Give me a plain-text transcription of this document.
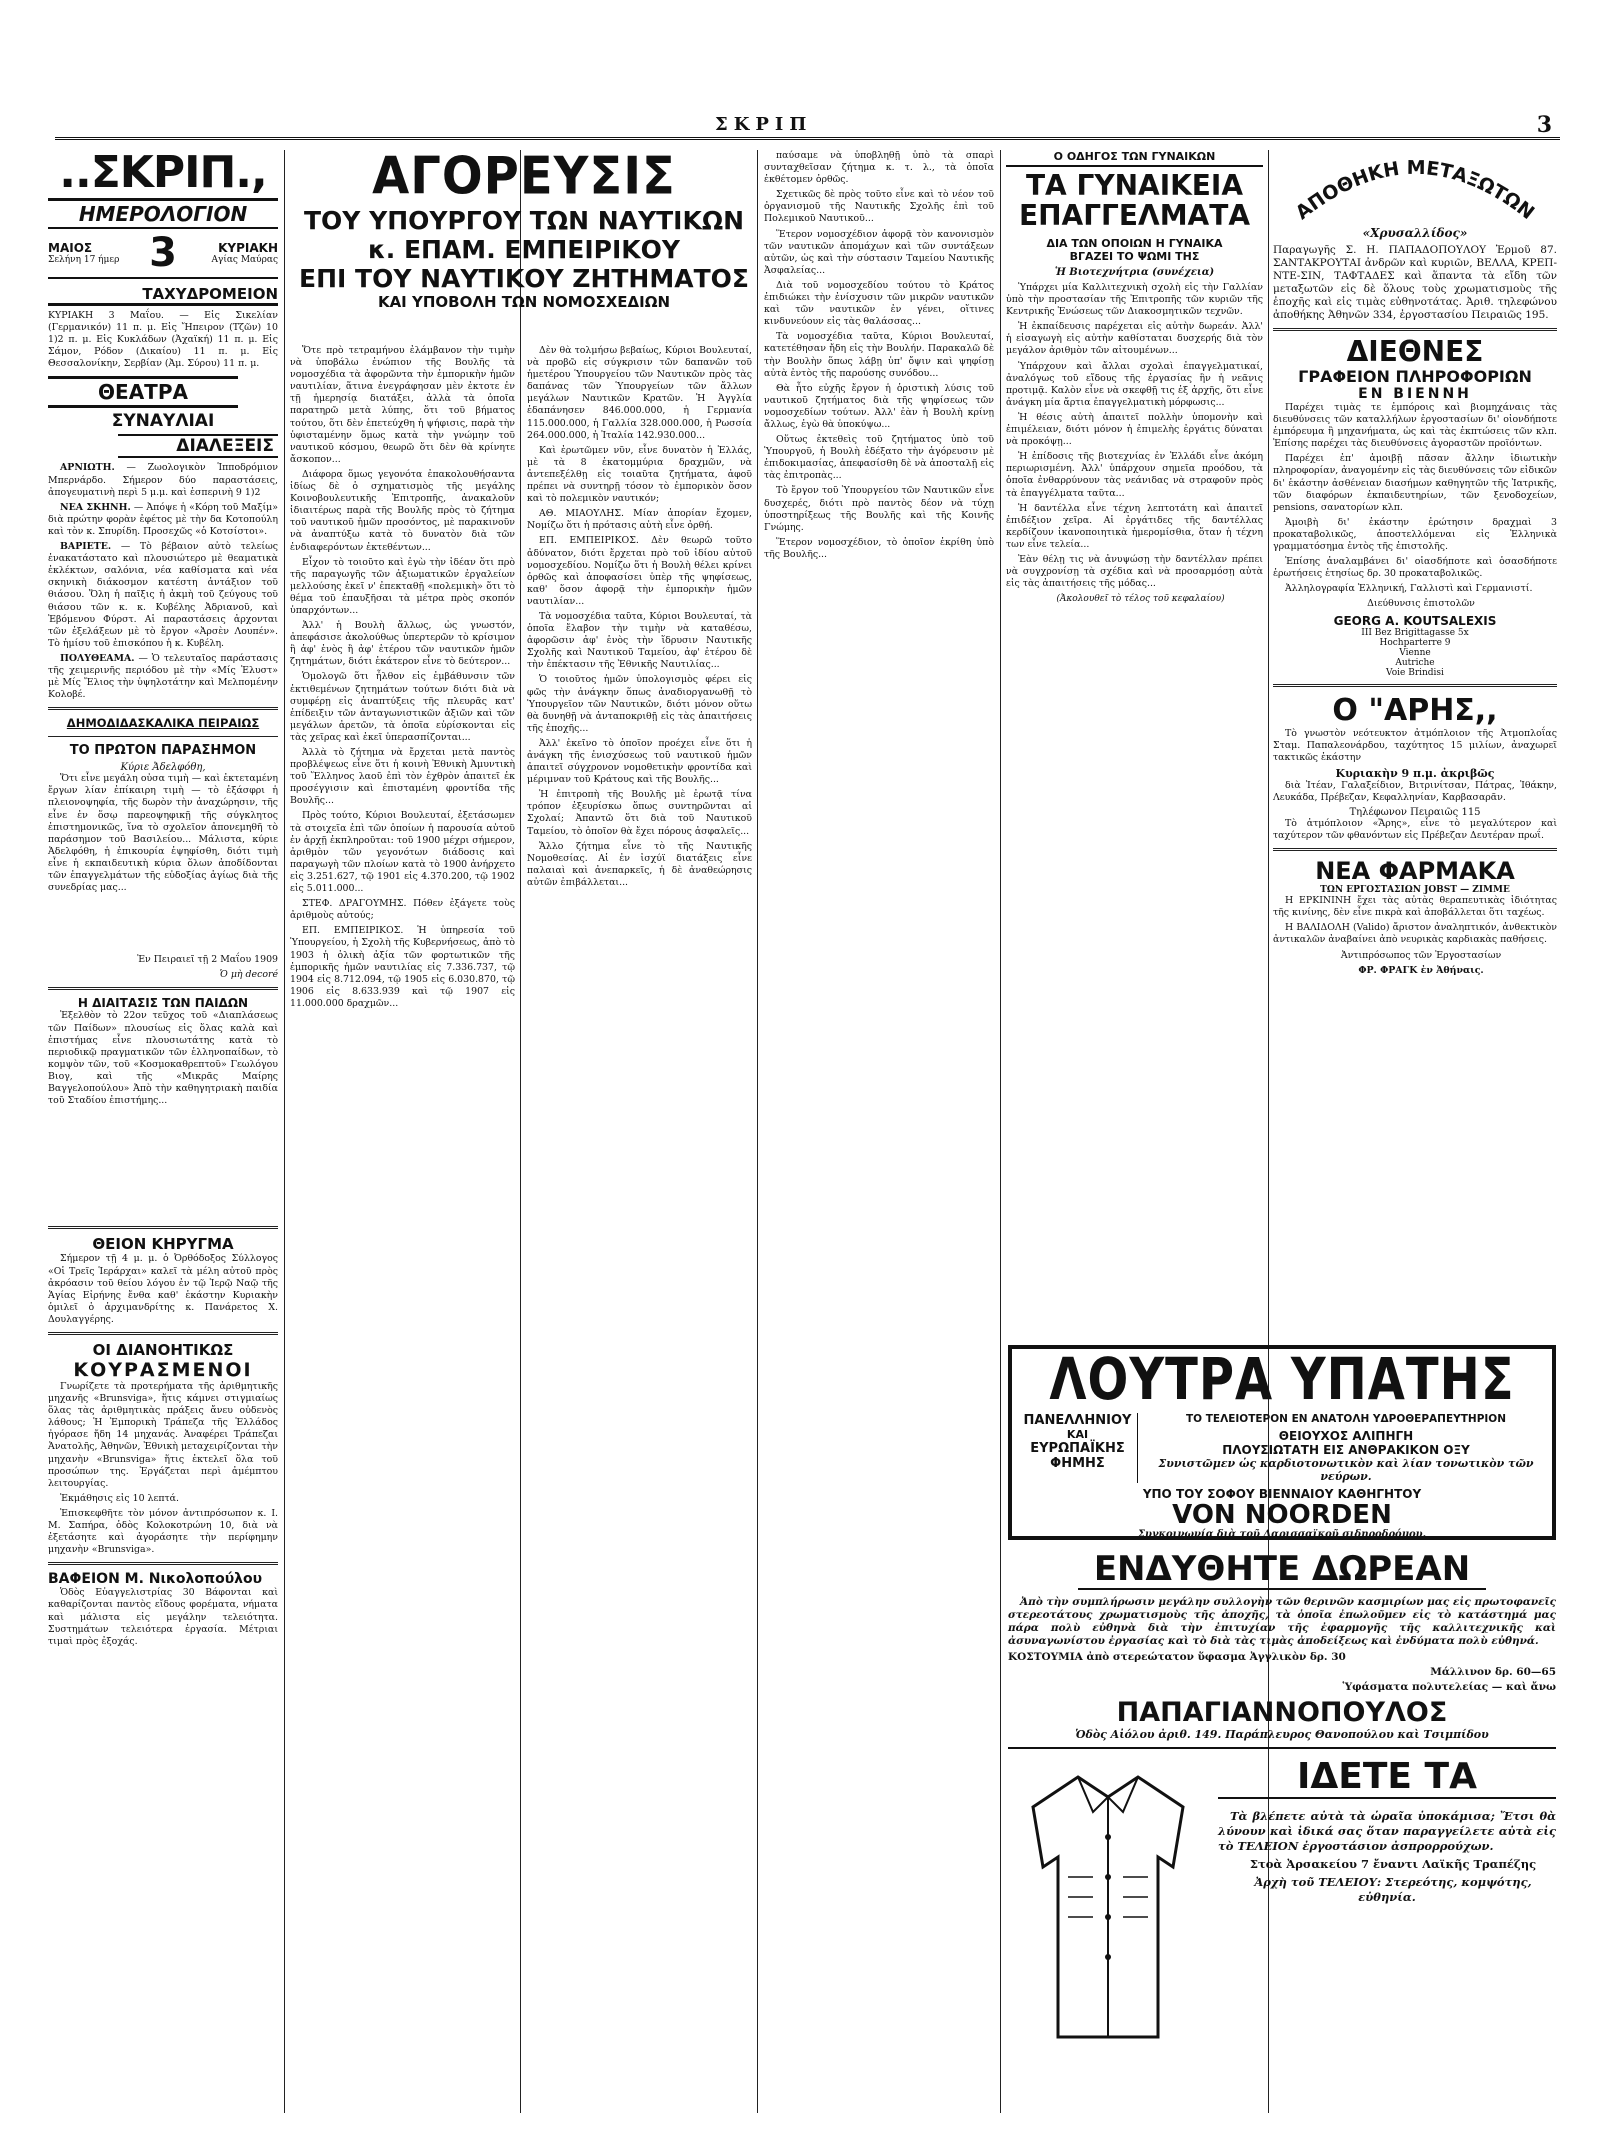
ΣΚΡΙΠ	3
..ΣΚΡΙΠ.,
ΗΜΕΡΟΛΟΓΙΟΝ
ΜΑΙΟΣ
Σελήνη 17 ήμερ 3	ΚΥΡΙΑΚΗ
Αγίας Μαύρας
ΤΑΧΥΔΡΟΜΕΙΟΝ
ΚΥΡΙΑΚΗ 3 Μαΐου. — Εἰς Σικελίαν (Γερμανικόν) 11 π. μ. Εἰς Ἤπειρον (Τζῶν) 10 1)2 π. μ. Εἰς Κυκλάδων (Ἀχαϊκή) 11 π. μ. Εἰς Σάμον, Ρόδον (Δικαίου) 11 π. μ. Εἰς Θεσσαλονίκην, Σερβίαν (Ἀμ. Σύρου) 11 π. μ.
ΘΕΑΤΡΑ
ΣΥΝΑΥΛΙΑΙ
ΔΙΑΛΕΞΕΙΣ
ΑΡΝΙΩΤΗ. — Ζωολογικὸν Ἱπποδρόμιον Μπερνάρδο. Σήμερον δύο παραστάσεις, ἀπογευματινὴ περὶ 5 μ.μ. καὶ ἑσπερινὴ 9 1)2
ΝΕΑ ΣΚΗΝΗ. — Ἀπόψε ἡ «Κόρη τοῦ Μαξίμ» διὰ πρώτην φορὰν ἐφέτος μὲ τὴν δα Κοτοπούλη καὶ τὸν κ. Σπυρίδη. Προσεχῶς «ὁ Κοτσίστοι».
ΒΑΡΙΕΤΕ. — Τὸ βέβαιον αὐτὸ τελείως ἐνακατάστατο καὶ πλουσιώτερο μὲ θεαματικὰ ἐκλέκτων, σαλόνια, νέα καθίσματα καὶ νέα σκηνικὴ διάκοσμον κατέστη ἀντάξιον τοῦ θιάσου. Ὅλη ἡ παῖξις ἡ ἀκμὴ τοῦ ζεύγους τοῦ θιάσου τῶν κ. κ. Κυβέλης Ἀδριανοῦ, καὶ Ἐβόμενου Φύρστ. Αἱ παραστάσεις ἀρχονται τῶν ἐξελάξεων μὲ τὸ ἔργον «Ἀρσὲν Λουπέν». Τὸ ἡμίσυ τοῦ ἐπισκόπου ἡ κ. Κυβέλη.
ΠΟΛΥΘΕΑΜΑ. — Ὁ τελευταῖος παράστασις τῆς χειμερινῆς περιόδου μὲ τὴν «Μίς Ἐλυστ» μὲ Μίς Ἔλιος τὴν ὑψηλοτάτην καὶ Μελπομένην Κολοβέ.
ΔΗΜΟΔΙΔΑΣΚΑΛΙΚΑ ΠΕΙΡΑΙΩΣ
ΤΟ ΠΡΩΤΟΝ ΠΑΡΑΣΗΜΟΝ
Κύριε Ἀδελφόθη,
Ὅτι εἶνε μεγάλη οὐσα τιμὴ — καὶ ἐκτεταμένη ἔργων λίαν ἐπίκαιρη τιμὴ — τὸ ἐξάσφρι ἡ πλειονοψηφία, τῆς δωρὸν τὴν ἀναχώρησιν, τῆς εἶνε ἐν ὅσῳ παρεοψηφικῇ τῆς σύγκλητος ἐπιστημονικῶς, ἵνα τὸ σχολεῖον ἀπονεμηθῆ τὸ παράσημον τοῦ Βασιλείου... Μάλιστα, κύριε Ἀδελφόθη, ἡ ἐπικουρία ἐψηφίσθη, διότι τιμὴ εἶνε ἡ εκπαιδευτικὴ κύρια ὅλων ἀποδίδονται τῶν ἐπαγγελμάτων τῆς εὐδοξίας ἁγίως διὰ τῆς συνεδρίας μας...
Ἐν Πειραιεῖ τῇ 2 Μαΐου 1909
Ὁ μὴ decoré
Η ΔΙΑΙΤΑΣΙΣ ΤΩΝ ΠΑΙΔΩΝ
Ἐξελθὸν τὸ 22ον τεῦχος τοῦ «Διαπλάσεως τῶν Παίδων» πλουσίως εἰς ὅλας καλὰ καὶ ἐπιστήμας εἶνε πλουσιωτάτης κατὰ τὸ περιοδικῷ πραγματικῶν τῶν ἑλληνοπαίδων, τὸ κομψὸν τῶν, τοῦ «Κοσμοκαθρεπτοῦ» Γεωλόγου Βιογ, καὶ τῆς «Μικρᾶς Μαίρης Βαγγελοπούλου» Ἀπὸ τὴν καθηγητριακὴ παιδία τοῦ Σταδίου ἐπιστήμης...
ΘΕΙΟΝ ΚΗΡΥΓΜΑ
Σήμερον τῇ 4 μ. μ. ὁ Ὀρθόδοξος Σύλλογος «Οἱ Τρεῖς Ἱεράρχαι» καλεῖ τὰ μέλη αὐτοῦ πρὸς ἀκρόασιν τοῦ θείου λόγου ἐν τῷ Ἱερῷ Ναῷ τῆς Ἁγίας Εἰρήνης ἔνθα καθ' ἑκάστην Κυριακὴν ὁμιλεῖ ὁ ἀρχιμανδρίτης κ. Πανάρετος Χ. Δουλαγγέρης.
ΟΙ ΔΙΑΝΟΗΤΙΚΩΣ
ΚΟΥΡΑΣΜΕΝΟΙ
Γνωρίζετε τὰ προτερήματα τῆς ἀριθμητικῆς μηχανῆς «Brunsviga», ἥτις κάμνει στιγμιαίως ὅλας τὰς ἀριθμητικὰς πράξεις ἄνευ οὐδενὸς λάθους; Ἡ Ἐμπορικὴ Τράπεζα τῆς Ἑλλάδος ἠγόρασε ἤδη 14 μηχανάς. Ἀναφέρει Τράπεζαι Ἀνατολῆς, Ἀθηνῶν, Ἐθνικὴ μεταχειρίζονται τὴν μηχανὴν «Brunsviga» ἥτις ἐκτελεῖ ὅλα τοῦ προσώπων της. Ἐργάζεται περὶ ἀμέμπτου λειτουργίας.
Ἐκμάθησις εἰς 10 λεπτά.
Ἐπισκεφθῆτε τὸν μόνον ἀντιπρόσωπον κ. Ι. Μ. Σαπήρα, ὁδὸς Κολοκοτρώνη 10, διὰ νὰ ἐξετάσητε καὶ ἀγοράσητε τὴν περίφημην μηχανὴν «Brunsviga».
ΒΑΦΕΙΟΝ Μ. Νικολοπούλου
Ὁδὸς Εὐαγγελιστρίας 30 Βάφονται καὶ καθαρίζονται παντὸς εἴδους φορέματα, νήματα καὶ μάλιστα εἰς μεγάλην τελειότητα. Συστημάτων τελειότερα ἐργασία. Μέτριαι τιμαὶ πρὸς ἐξοχάς.
ΑΓΟΡΕΥΣΙΣ
ΤΟΥ ΥΠΟΥΡΓΟΥ ΤΩΝ ΝΑΥΤΙΚΩΝ
κ. ΕΠΑΜ. ΕΜΠΕΙΡΙΚΟΥ
ΕΠΙ ΤΟΥ ΝΑΥΤΙΚΟΥ ΖΗΤΗΜΑΤΟΣ
ΚΑΙ ΥΠΟΒΟΛΗ ΤΩΝ ΝΟΜΟΣΧΕΔΙΩΝ
Ὅτε πρὸ τετραμήνου ἐλάμβανον τὴν τιμὴν νὰ ὑποβάλω ἐνώπιον τῆς Βουλῆς τὰ νομοσχέδια τὰ ἀφορῶντα τὴν ἐμπορικὴν ἡμῶν ναυτιλίαν, ἅτινα ἐνεγράφησαν μὲν ἐκτοτε ἐν τῇ ἡμερησίᾳ διατάξει, ἀλλὰ τὰ ὁποῖα παρατηρῶ μετὰ λύπης, ὅτι τοῦ βήματος τούτου, ὅτι δὲν ἐπετεύχθη ἡ ψήφισις, παρὰ τὴν ὑφισταμένην ὅμως κατὰ τὴν γνώμην τοῦ ναυτικοῦ κόσμου, θεωρῶ ὅτι δὲν θὰ κρίνητε ἄσκοπον...
Διάφορα ὅμως γεγονότα ἐπακολουθήσαντα ἰδίως δὲ ὁ σχηματισμὸς τῆς μεγάλης Κοινοβουλευτικῆς Ἐπιτροπῆς, ἀνακαλοῦν ἰδιαιτέρως παρὰ τῆς Βουλῆς πρὸς τὸ ζήτημα τοῦ ναυτικοῦ ἡμῶν προσόντος, μὲ παρακινοῦν νὰ ἀναπτύξω κατὰ τὸ δυνατὸν διὰ τῶν ἐνδιαφερόντων ἐκτεθέντων...
Εἶχον τὸ τοιοῦτο καὶ ἐγὼ τὴν ἰδέαν ὅτι πρὸ τῆς παραγωγῆς τῶν ἀξιωματικῶν ἐργαλείων μελλούσης ἐκεῖ ν' ἐπεκταθῇ «πολεμικὴ» ὅτι τὸ θέμα τοῦ ἐπαυξῆσαι τὰ μέτρα πρὸς σκοπόν ὑπαρχόντων...
Ἀλλ' ἡ Βουλὴ ἄλλως, ὡς γνωστόν, ἀπεφάσισε ἀκολούθως ὑπερτερῶν τὸ κρίσιμον ἢ ἀφ' ἑνὸς ἢ ἀφ' ἑτέρου τῶν ναυτικῶν ἡμῶν ζητημάτων, διότι ἑκάτερον εἶνε τὸ δεύτερον...
Ὁμολογῶ ὅτι ἦλθον εἰς ἐμβάθυνσιν τῶν ἐκτιθεμένων ζητημάτων τούτων διότι διὰ νὰ συμφέρῃ εἰς ἀναπτύξεις τῆς πλευρᾶς κατ' ἐπίδειξιν τῶν ἀνταγωνιστικῶν ἀξιῶν καὶ τῶν μεγάλων ἀρετῶν, τὰ ὁποῖα εὑρίσκονται εἰς τὰς χεῖρας καὶ ἐκεῖ ὑπερασπίζονται...
Ἀλλὰ τὸ ζήτημα νὰ ἔρχεται μετὰ παντὸς προβλέψεως εἶνε ὅτι ἡ κοινὴ Ἐθνικὴ Ἀμυντικὴ τοῦ Ἕλληνος λαοῦ ἐπὶ τὸν ἐχθρὸν ἀπαιτεῖ ἐκ προσέγγισιν καὶ ἐπισταμένη φροντίδα τῆς Βουλῆς...
Πρὸς τούτο, Κύριοι Βουλευταί, ἐξετάσωμεν τὰ στοιχεῖα ἐπὶ τῶν ὁποίων ἡ παρουσία αὐτοῦ ἐν ἀρχῇ ἐκπληροῦται: τοῦ 1900 μέχρι σήμερον, ἀριθμὸν τῶν γεγονότων διάδοσις καὶ παραγωγὴ τῶν πλοίων κατὰ τὸ 1900 ἀνήρχετο εἰς 3.251.627, τῷ 1901 εἰς 4.370.200, τῷ 1902 εἰς 5.011.000...
ΣΤΕΦ. ΔΡΑΓΟΥΜΗΣ. Πόθεν ἐξάγετε τοὺς ἀριθμοὺς αὐτούς;
ΕΠ. ΕΜΠΕΙΡΙΚΟΣ. Ἡ ὑπηρεσία τοῦ Ὑπουργείου, ἡ Σχολὴ τῆς Κυβερνήσεως, ἀπὸ τὸ 1903 ἡ ὁλικὴ ἀξία τῶν φορτωτικῶν τῆς ἐμπορικῆς ἡμῶν ναυτιλίας εἰς 7.336.737, τῷ 1904 εἰς 8.712.094, τῷ 1905 εἰς 6.030.870, τῷ 1906 εἰς 8.633.939 καὶ τῷ 1907 εἰς 11.000.000 δραχμῶν...
Δὲν θὰ τολμήσω βεβαίως, Κύριοι Βουλευταί, νὰ προβῶ εἰς σύγκρισιν τῶν δαπανῶν τοῦ ἡμετέρου Ὑπουργείου τῶν Ναυτικῶν πρὸς τὰς δαπάνας τῶν Ὑπουργείων τῶν ἄλλων μεγάλων Ναυτικῶν Κρατῶν. Ἡ Ἀγγλία ἐδαπάνησεν 846.000.000, ἡ Γερμανία 115.000.000, ἡ Γαλλία 328.000.000, ἡ Ρωσσία 264.000.000, ἡ Ἰταλία 142.930.000...
Καὶ ἐρωτῶμεν νῦν, εἶνε δυνατὸν ἡ Ἑλλάς, μὲ τὰ 8 ἑκατομμύρια δραχμῶν, νὰ ἀντεπεξέλθῃ εἰς τοιαῦτα ζητήματα, ἀφοῦ πρέπει νὰ συντηρῇ τόσον τὸ ἐμπορικὸν ὅσον καὶ τὸ πολεμικὸν ναυτικόν;
ΑΘ. ΜΙΑΟΥΛΗΣ. Μίαν ἀπορίαν ἔχομεν, Νομίζω ὅτι ἡ πρότασις αὐτὴ εἶνε ὀρθή.
ΕΠ. ΕΜΠΕΙΡΙΚΟΣ. Δὲν θεωρῶ τοῦτο ἀδύνατον, διότι ἔρχεται πρὸ τοῦ ἰδίου αὐτοῦ νομοσχεδίου. Νομίζω ὅτι ἡ Βουλὴ θέλει κρίνει ὀρθῶς καὶ ἀποφασίσει ὑπὲρ τῆς ψηφίσεως, καθ' ὅσον ἀφορᾷ τὴν ἐμπορικὴν ἡμῶν ναυτιλίαν...
Τὰ νομοσχέδια ταῦτα, Κύριοι Βουλευταί, τὰ ὁποῖα ἔλαβον τὴν τιμὴν νὰ καταθέσω, ἀφορῶσιν ἀφ' ἑνὸς τὴν ἵδρυσιν Ναυτικῆς Σχολῆς καὶ Ναυτικοῦ Ταμείου, ἀφ' ἑτέρου δὲ τὴν ἐπέκτασιν τῆς Ἐθνικῆς Ναυτιλίας...
Ὁ τοιοῦτος ἡμῶν ὑπολογισμὸς φέρει εἰς φῶς τὴν ἀνάγκην ὅπως ἀναδιοργανωθῇ τὸ Ὑπουργεῖον τῶν Ναυτικῶν, διότι μόνον οὕτω θὰ δυνηθῇ νὰ ἀνταποκριθῇ εἰς τὰς ἀπαιτήσεις τῆς ἐποχῆς...
Ἀλλ' ἐκεῖνο τὸ ὁποῖον προέχει εἶνε ὅτι ἡ ἀνάγκη τῆς ἐνισχύσεως τοῦ ναυτικοῦ ἡμῶν ἀπαιτεῖ σύγχρονον νομοθετικὴν φροντίδα καὶ μέριμναν τοῦ Κράτους καὶ τῆς Βουλῆς...
Ἡ ἐπιτροπὴ τῆς Βουλῆς μὲ ἐρωτᾷ τίνα τρόπον ἐξευρίσκω ὅπως συντηρῶνται αἱ Σχολαί; Ἀπαντῶ ὅτι διὰ τοῦ Ναυτικοῦ Ταμείου, τὸ ὁποῖον θὰ ἔχει πόρους ἀσφαλεῖς...
Ἄλλο ζήτημα εἶνε τὸ τῆς Ναυτικῆς Νομοθεσίας. Αἱ ἐν ἰσχύϊ διατάξεις εἶνε παλαιαὶ καὶ ἀνεπαρκεῖς, ἡ δὲ ἀναθεώρησις αὐτῶν ἐπιβάλλεται...
παύσαμε νὰ ὑποβληθῇ ὑπὸ τὰ σπαρὶ συνταχθεῖσαν ζήτημα κ. τ. λ., τὰ ὁποῖα ἐκθέτομεν ὀρθῶς.
Σχετικῶς δὲ πρὸς τοῦτο εἶνε καὶ τὸ νέον τοῦ ὀργανισμοῦ τῆς Ναυτικῆς Σχολῆς ἐπὶ τοῦ Πολεμικοῦ Ναυτικοῦ...
Ἕτερον νομοσχέδιον ἀφορᾷ τὸν κανονισμὸν τῶν ναυτικῶν ἀπομάχων καὶ τῶν συντάξεων αὐτῶν, ὡς καὶ τὴν σύστασιν Ταμείου Ναυτικῆς Ἀσφαλείας...
Διὰ τοῦ νομοσχεδίου τούτου τὸ Κράτος ἐπιδιώκει τὴν ἐνίσχυσιν τῶν μικρῶν ναυτικῶν καὶ τῶν ναυτικῶν ἐν γένει, οἵτινες κινδυνεύουν εἰς τὰς θαλάσσας...
Τὰ νομοσχέδια ταῦτα, Κύριοι Βουλευταί, κατετέθησαν ἤδη εἰς τὴν Βουλήν. Παρακαλῶ δὲ τὴν Βουλὴν ὅπως λάβῃ ὑπ' ὄψιν καὶ ψηφίσῃ αὐτὰ ἐντὸς τῆς παρούσης συνόδου...
Θὰ ἦτο εὐχῆς ἔργον ἡ ὁριστικὴ λύσις τοῦ ναυτικοῦ ζητήματος διὰ τῆς ψηφίσεως τῶν νομοσχεδίων τούτων. Ἀλλ' ἐὰν ἡ Βουλὴ κρίνῃ ἄλλως, ἐγὼ θὰ ὑποκύψω...
Οὕτως ἐκτεθεὶς τοῦ ζητήματος ὑπὸ τοῦ Ὑπουργοῦ, ἡ Βουλὴ ἐδέξατο τὴν ἀγόρευσιν μὲ ἐπιδοκιμασίας, ἀπεφασίσθη δὲ νὰ ἀποσταλῇ εἰς τὰς ἐπιτροπὰς...
Τὸ ἔργον τοῦ Ὑπουργείου τῶν Ναυτικῶν εἶνε δυσχερές, διότι πρὸ παντὸς δέον νὰ τύχῃ ὑποστηρίξεως τῆς Βουλῆς καὶ τῆς Κοινῆς Γνώμης.
Ἕτερον νομοσχέδιον, τὸ ὁποῖον ἐκρίθη ὑπὸ τῆς Βουλῆς...
Ο ΟΔΗΓΟΣ ΤΩΝ ΓΥΝΑΙΚΩΝ
ΤΑ ΓΥΝΑΙΚΕΙΑ
ΕΠΑΓΓΕΛΜΑΤΑ
ΔΙΑ ΤΩΝ ΟΠΟΙΩΝ Η ΓΥΝΑΙΚΑ
ΒΓΑΖΕΙ ΤΟ ΨΩΜΙ ΤΗΣ
Ἡ Βιοτεχνήτρια (συνέχεια)
Ὑπάρχει μία Καλλιτεχνικὴ σχολὴ εἰς τὴν Γαλλίαν ὑπὸ τὴν προστασίαν τῆς Ἐπιτροπῆς τῶν κυριῶν τῆς Κεντρικῆς Ἑνώσεως τῶν Διακοσμητικῶν τεχνῶν.
Ἡ ἐκπαίδευσις παρέχεται εἰς αὐτὴν δωρεάν. Ἀλλ' ἡ εἰσαγωγὴ εἰς αὐτὴν καθίσταται δυσχερής διὰ τὸν μεγάλον ἀριθμὸν τῶν αἰτουμένων...
Ὑπάρχουν καὶ ἄλλαι σχολαὶ ἐπαγγελματικαί, ἀναλόγως τοῦ εἴδους τῆς ἐργασίας ἣν ἡ νεᾶνις προτιμᾷ. Καλὸν εἶνε νὰ σκεφθῇ τις ἐξ ἀρχῆς, ὅτι εἶνε ἀνάγκη μία ἄρτια ἐπαγγελματικὴ μόρφωσις...
Ἡ θέσις αὐτὴ ἀπαιτεῖ πολλὴν ὑπομονὴν καὶ ἐπιμέλειαν, διότι μόνον ἡ ἐπιμελὴς ἐργάτις δύναται νὰ προκόψῃ...
Ἡ ἐπίδοσις τῆς βιοτεχνίας ἐν Ἑλλάδι εἶνε ἀκόμη περιωρισμένη. Ἀλλ' ὑπάρχουν σημεῖα προόδου, τὰ ὁποῖα ἐνθαρρύνουν τὰς νεάνιδας νὰ στραφοῦν πρὸς τὰ ἐπαγγέλματα ταῦτα...
Ἡ δαντέλλα εἶνε τέχνη λεπτοτάτη καὶ ἀπαιτεῖ ἐπιδέξιον χεῖρα. Αἱ ἐργάτιδες τῆς δαντέλλας κερδίζουν ἱκανοποιητικὰ ἡμερομίσθια, ὅταν ἡ τέχνη των εἶνε τελεία...
Ἐὰν θέλῃ τις νὰ ἀνυψώσῃ τὴν δαντέλλαν πρέπει νὰ συγχρονίσῃ τὰ σχέδια καὶ νὰ προσαρμόσῃ αὐτὰ εἰς τὰς ἀπαιτήσεις τῆς μόδας...
(Ἀκολουθεῖ τὸ τέλος τοῦ κεφαλαίου)
ΑΠΟΘΗΚΗ ΜΕΤΑΞΩΤΩΝ
«Χρυσαλλίδος»
Παραγωγῆς Σ. Η. ΠΑΠΑΔΟΠΟΥΛΟΥ Ἑρμοῦ 87. ΣΑΝΤΑΚΡΟΥΤΑΙ ἀνδρῶν καὶ κυριῶν, ΒΕΛΛΑ, ΚΡΕΠ-ΝΤΕ-ΣΙΝ, ΤΑΦΤΑΔΕΣ καὶ ἅπαντα τὰ εἴδη τῶν μεταξωτῶν εἰς δὲ ὅλους τοὺς χρωματισμοὺς τῆς ἐποχῆς καὶ εἰς τιμὰς εὐθηνοτάτας. Ἀριθ. τηλεφώνου ἀποθήκης Ἀθηνῶν 334, ἐργοστασίου Πειραιῶς 195.
ΔΙΕΘΝΕΣ
ΓΡΑΦΕΙΟΝ ΠΛΗΡΟΦΟΡΙΩΝ
ΕΝ ΒΙΕΝΝΗ
Παρέχει τιμὰς τε ἐμπόροις καὶ βιομηχάναις τὰς διευθύνσεις τῶν καταλλήλων ἐργοστασίων δι' οἱονδήποτε ἐμπόρευμα ἢ μηχανήματα, ὡς καὶ τὰς ἐκπτώσεις τῶν κλπ. Ἐπίσης παρέχει τὰς διευθύνσεις ἀγοραστῶν προϊόντων.
Παρέχει ἐπ' ἀμοιβῇ πᾶσαν ἄλλην ἰδιωτικὴν πληροφορίαν, ἀναγομένην εἰς τὰς διευθύνσεις τῶν εἰδικῶν δι' ἑκάστην ἀσθένειαν διασήμων καθηγητῶν τῆς Ἰατρικῆς, τῶν διαφόρων ἐκπαιδευτηρίων, τῶν ξενοδοχείων, pensions, σανατορίων κλπ.
Ἀμοιβὴ δι' ἑκάστην ἐρώτησιν δραχμαὶ 3 προκαταβολικῶς, ἀποστελλόμεναι εἰς Ἑλληνικὰ γραμματόσημα ἐντὸς τῆς ἐπιστολῆς.
Ἐπίσης ἀναλαμβάνει δι' οἱασδήποτε καὶ ὁσασδήποτε ἐρωτήσεις ἐτησίως δρ. 30 προκαταβολικῶς.
Ἀλληλογραφία Ἑλληνική, Γαλλιστὶ καὶ Γερμανιστί.
Διεύθυνσις ἐπιστολῶν
GEORG A. KOUTSALEXIS
III Bez Brigittagasse 5x
Hochparterre 9
Vienne
Autriche
Voie Brindisi
Ο "ΑΡΗΣ,,
Τὸ γνωστὸν νεότευκτον ἀτμόπλοιον τῆς Ἀτμοπλοΐας Σταμ. Παπαλεονάρδου, ταχύτητος 15 μιλίων, ἀναχωρεῖ τακτικῶς ἑκάστην
Κυριακὴν 9 π.μ. ἀκριβῶς
διὰ Ἰτέαν, Γαλαξείδιον, Βιτρινίτσαν, Πάτρας, Ἰθάκην, Λευκάδα, Πρέβεζαν, Κεφαλληνίαν, Καρβασαρᾶν.
Τηλέφωνον Πειραιῶς 115
Τὸ ἀτμόπλοιον «Ἄρης», εἶνε τὸ μεγαλύτερον καὶ ταχύτερον τῶν φθανόντων εἰς Πρέβεζαν Δευτέραν πρωΐ.
ΝΕΑ ΦΑΡΜΑΚΑ
ΤΩΝ ΕΡΓΟΣΤΑΣΙΩΝ JOBST — ΖΙΜΜΕ
Η ΕΡΚΙΝΙΝΗ ἔχει τὰς αὐτὰς θεραπευτικὰς ἰδιότητας τῆς κινίνης, δὲν εἶνε πικρὰ καὶ ἀποβάλλεται ὅτι ταχέως.
Η ΒΑΛΙΔΟΛΗ (Valido) ἄριστον ἀναληπτικόν, ἀνθεκτικὸν ἀντικαλῶν ἀναβαίνει ἀπὸ νευρικὰς καρδιακὰς παθήσεις.
Ἀντιπρόσωπος τῶν Ἐργοστασίων
ΦΡ. ΦΡΑΓΚ ἐν Ἀθήναις.
ΛΟΥΤΡΑ ΥΠΑΤΗΣ
ΠΑΝΕΛΛΗΝΙΟΥ
ΚΑΙ
ΕΥΡΩΠΑΪΚΗΣ
ΦΗΜΗΣ
ΤΟ ΤΕΛΕΙΟΤΕΡΟΝ ΕΝ ΑΝΑΤΟΛΗ ΥΔΡΟΘΕΡΑΠΕΥΤΗΡΙΟΝ
ΘΕΙΟΥΧΟΣ ΑΛΙΠΗΓΗ
ΠΛΟΥΣΙΩΤΑΤΗ ΕΙΣ ΑΝΘΡΑΚΙΚΟΝ ΟΞΥ
Συνιστῶμεν ὡς καρδιοτονωτικὸν καὶ λίαν τονωτικὸν τῶν νεύρων.
ΥΠΟ ΤΟΥ ΣΟΦΟΥ ΒΙΕΝΝΑΙΟΥ ΚΑΘΗΓΗΤΟΥ
VON NOORDEN
Συγκοινωνία διὰ τοῦ Λαρισσαϊκοῦ σιδηροδρόμου.
ΕΝΔΥΘΗΤΕ ΔΩΡΕΑΝ
Ἀπὸ τὴν συμπλήρωσιν μεγάλην συλλογὴν τῶν θερινῶν κασμιρίων μας εἰς πρωτοφανεῖς στερεοτάτους χρωματισμοὺς τῆς ἀποχῆς, τὰ ὁποῖα ἐπωλοῦμεν εἰς τὸ κατάστημά μας πάρα πολὺ εὐθηνὰ διὰ τὴν ἐπιτυχίαν τῆς ἐφαρμογῆς τῆς καλλιτεχνικῆς καὶ ἀσυναγωνίστου ἐργασίας καὶ τὸ διὰ τὰς τιμὰς ἀποδείξεως καὶ ἐνδύματα πολὺ εὐθηνά.
ΚΟΣΤΟΥΜΙΑ ἀπὸ στερεώτατον ὕφασμα Ἀγγλικὸν δρ. 30
Μάλλινον δρ. 60—65
Ὑφάσματα πολυτελείας — καὶ ἄνω
ΠΑΠΑΓΙΑΝΝΟΠΟΥΛΟΣ
Ὁδὸς Αἰόλου ἀριθ. 149. Παράπλευρος Θανοπούλου καὶ Τσιμπίδου
ΙΔΕΤΕ ΤΑ
Τὰ βλέπετε αὐτὰ τὰ ὡραῖα ὑποκάμισα; Ἔτσι θὰ λύνουν καὶ ἰδικά σας ὅταν παραγγείλετε αὐτὰ εἰς τὸ ΤΕΛΕΙΟΝ ἐργοστάσιον ἀσπρορρούχων.
Στοὰ Ἀρσακείου 7 ἔναντι Λαϊκῆς Τραπέζης
Ἀρχὴ τοῦ ΤΕΛΕΙΟΥ: Στερεότης, κομψότης, εὐθηνία.
